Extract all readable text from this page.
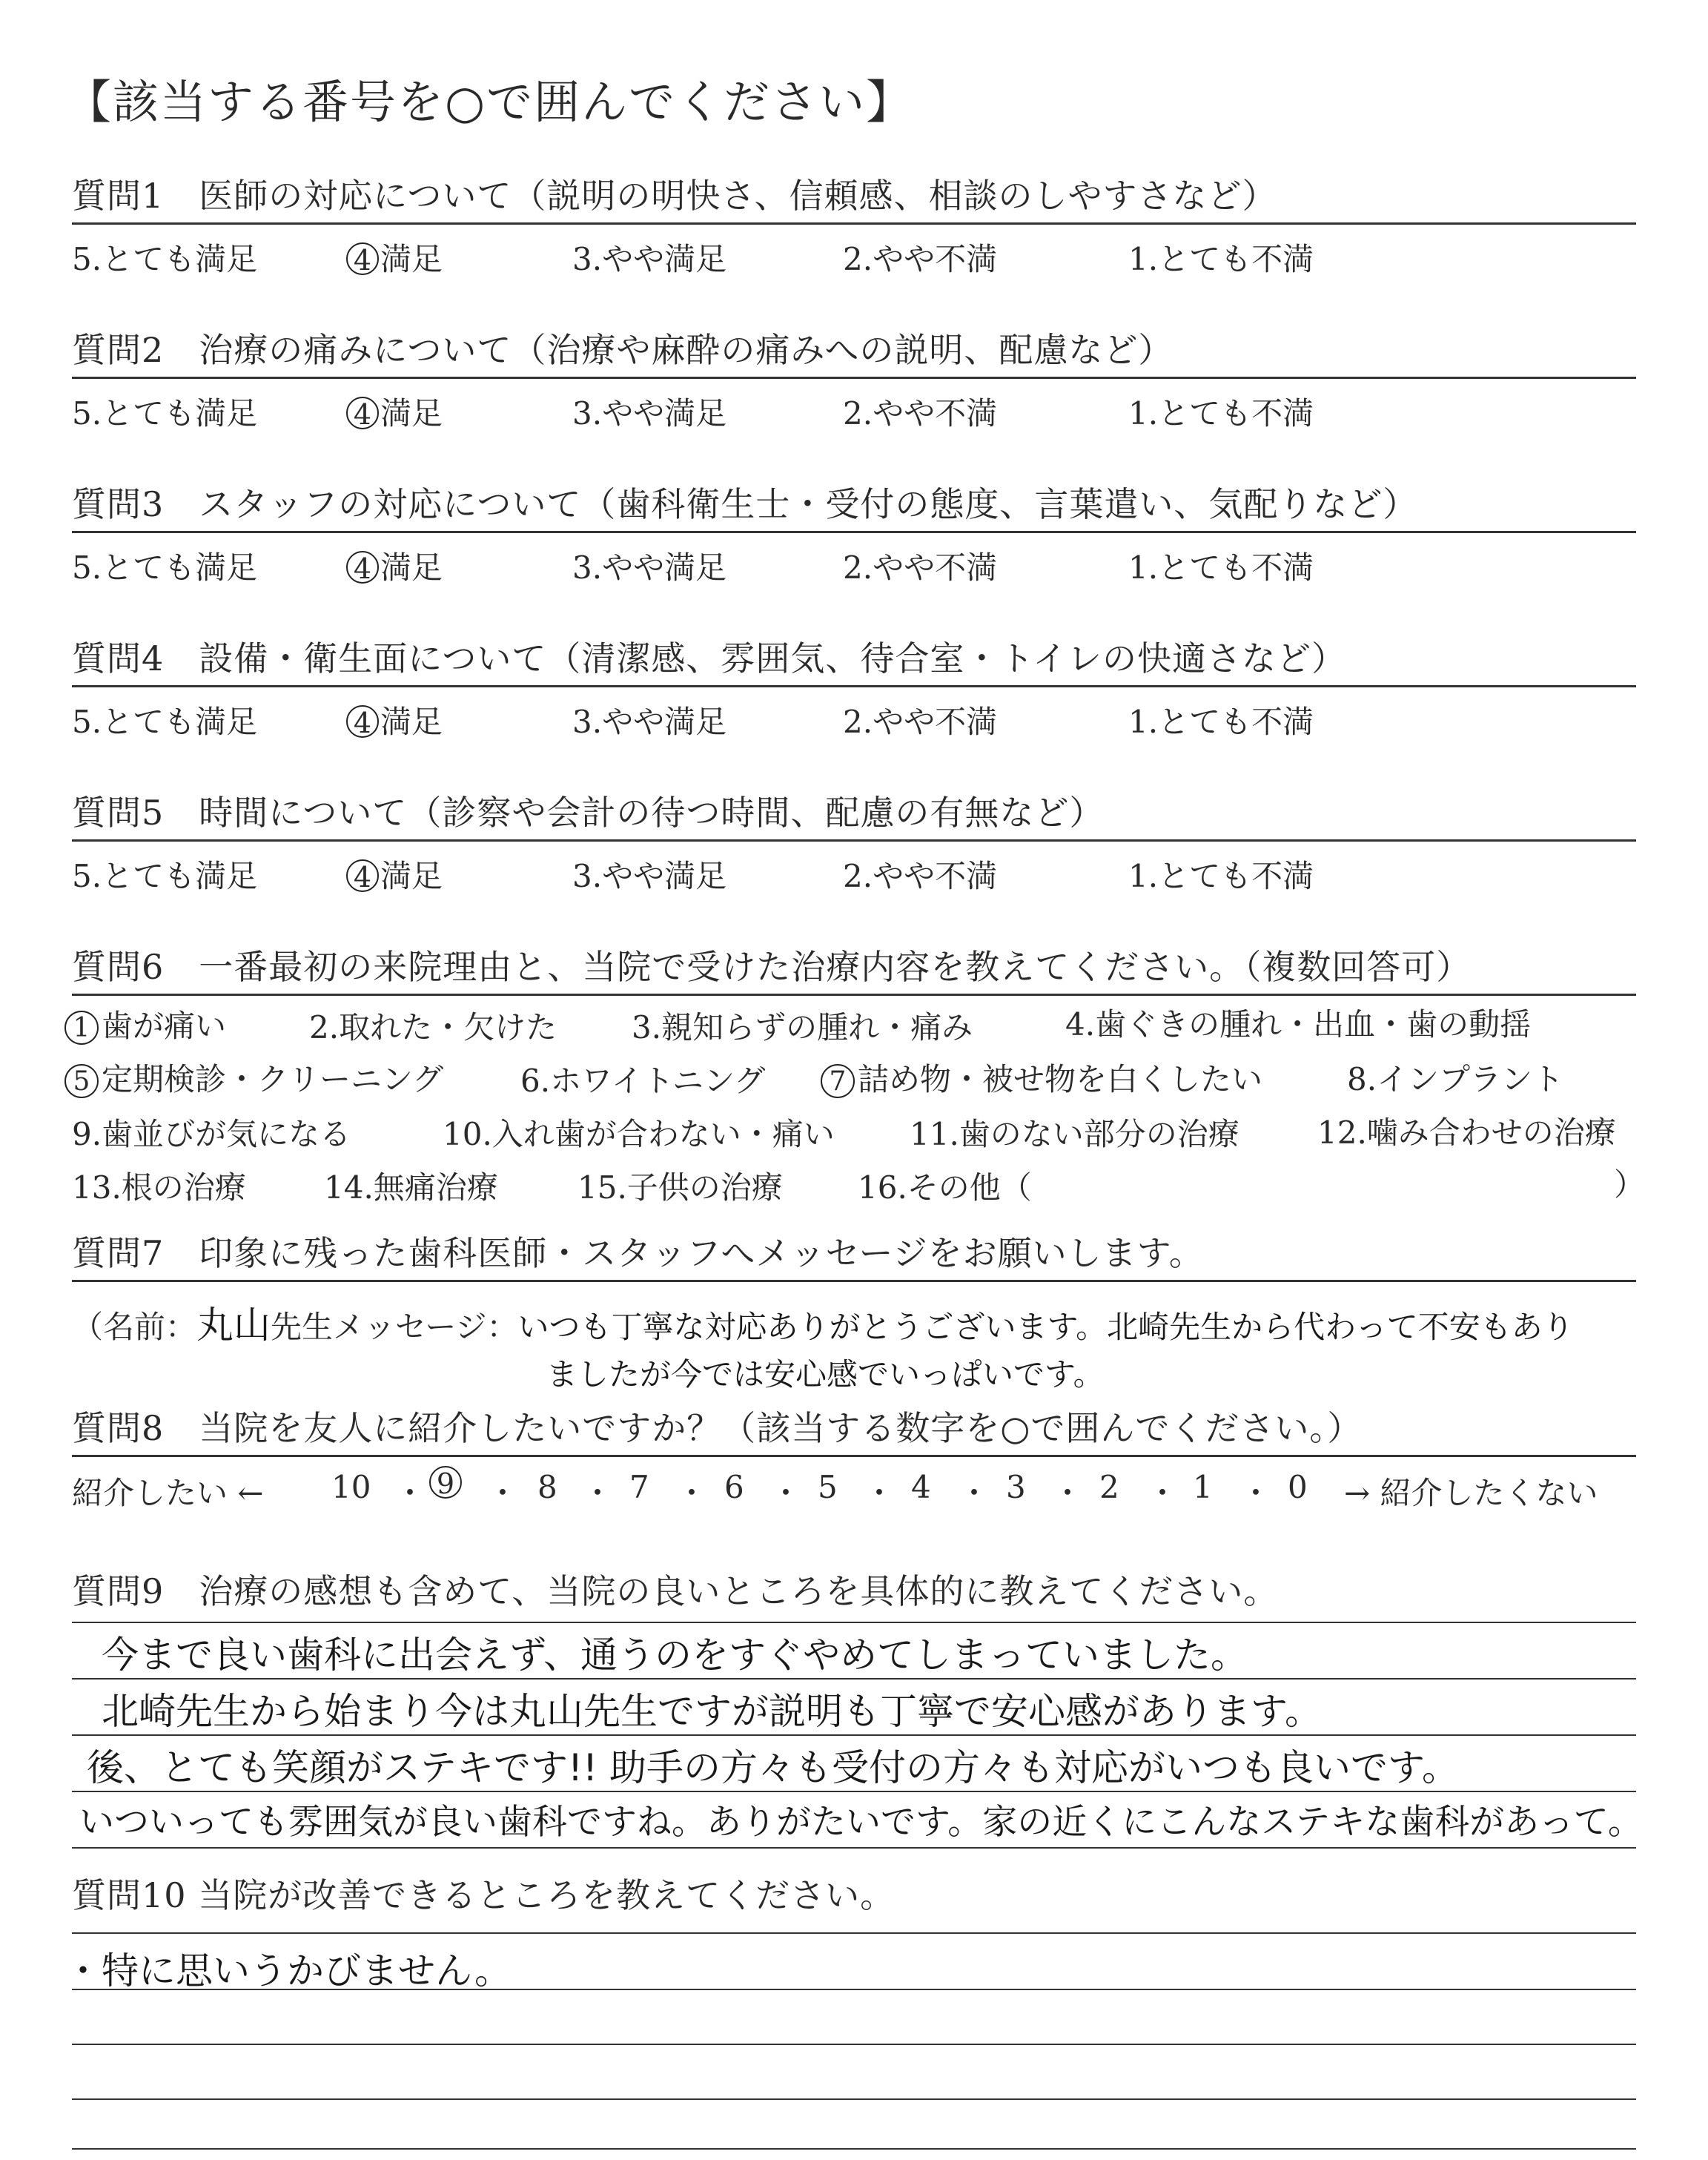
【該当する番号を○で囲んでください】
質問1　医師の対応について（説明の明快さ、信頼感、相談のしやすさなど）
5.とても満足	4 満足	3.やや満足	2.やや不満	1.とても不満
質問2　治療の痛みについて（治療や麻酔の痛みへの説明、配慮など）
5.とても満足	4 満足	3.やや満足	2.やや不満	1.とても不満
質問3　スタッフの対応について（歯科衛生士・受付の態度、言葉遣い、気配りなど）
5.とても満足	4 満足	3.やや満足	2.やや不満	1.とても不満
質問4　設備・衛生面について（清潔感、雰囲気、待合室・トイレの快適さなど）
5.とても満足	4 満足	3.やや満足	2.やや不満	1.とても不満
質問5　時間について（診察や会計の待つ時間、配慮の有無など）
5.とても満足	4 満足	3.やや満足	2.やや不満	1.とても不満
質問6　一番最初の来院理由と、当院で受けた治療内容を教えてください。（複数回答可）
1 歯が痛い	2.取れた・欠けた 3.親知らずの腫れ・痛み	4.歯ぐきの腫れ・出血・歯の動揺
5 定期検診・クリーニング 6.ホワイトニング	7 詰め物・被せ物を白くしたい	8.インプラント
9.歯並びが気になる	10.入れ歯が合わない・痛い 11.歯のない部分の治療	12.噛み合わせの治療
13.根の治療	14.無痛治療	15.子供の治療 16.その他（	）
質問7　印象に残った歯科医師・スタッフへメッセージをお願いします。
（名前：丸山先生メッセージ：いつも丁寧な対応ありがとうございます。北崎先生から代わって不安もあり
ましたが今では安心感でいっぱいです。
質問8　当院を友人に紹介したいですか？（該当する数字を○で囲んでください。）
紹介したい ← 10 ・ 9 ・ 8 ・ 7 ・ 6 ・ 5 ・ 4 ・ 3 ・ 2 ・ 1 ・ 0 → 紹介したくない
質問9　治療の感想も含めて、当院の良いところを具体的に教えてください。
今まで良い歯科に出会えず、通うのをすぐやめてしまっていました。
北崎先生から始まり今は丸山先生ですが説明も丁寧で安心感があります。
後、とても笑顔がステキです!! 助手の方々も受付の方々も対応がいつも良いです。
いついっても雰囲気が良い歯科ですね。ありがたいです。家の近くにこんなステキな歯科があって。
質問10 当院が改善できるところを教えてください。
・特に思いうかびません。
